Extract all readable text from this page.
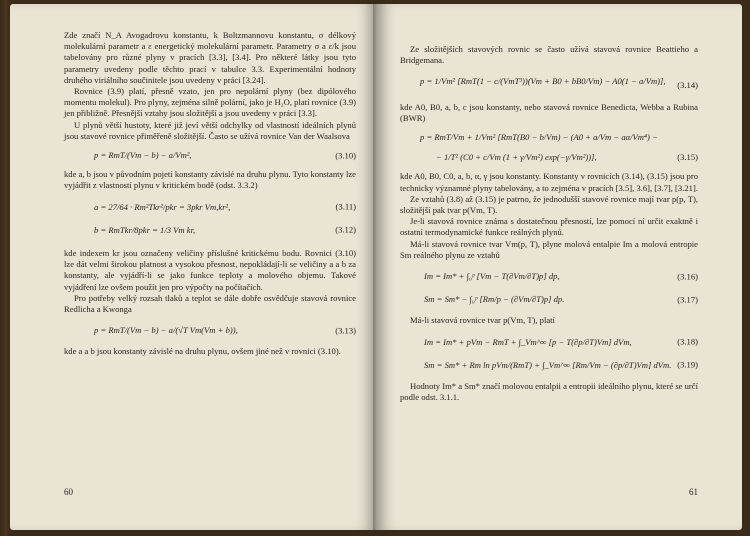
Zde značí N_A Avogadrovu konstantu, k Boltzmannovu konstantu, σ délkový molekulární parametr a ε energetický molekulární parametr. Parametry σ a ε/k jsou tabelovány pro různé plyny v pracích [3.3], [3.4]. Pro některé látky jsou tyto parametry uvedeny podle těchto prací v tabulce 3.3. Experimentální hodnoty druhého viriálního součinitele jsou uvedeny v práci [3.24].

Rovnice (3.9) platí, přesně vzato, jen pro nepolární plyny (bez dipólového momentu molekul). Pro plyny, zejména silně polární, jako je H₂O, platí rovnice (3.9) jen přibližně. Přesnější vztahy jsou složitější a jsou uvedeny v práci [3.3].

U plynů větší hustoty, které již jeví větší odchylky od vlastností ideálních plynů jsou stavové rovnice přiměřeně složitější. Často se užívá rovnice Van der Waalsova

p = RmT/(Vm − b) − a/Vm²,	(3.10)

kde a, b jsou v původním pojetí konstanty závislé na druhu plynu. Tyto konstanty lze vyjádřit z vlastností plynu v kritickém bodě (odst. 3.3.2)

a = 27/64 · Rm²Tkr²/pkr = 3pkr Vm,kr²,	(3.11)
b = RmTkr/8pkr = 1/3 Vm kr,	(3.12)

kde indexem kr jsou označeny veličiny příslušné kritickému bodu. Rovnici (3.10) lze dát velmi širokou platnost a vysokou přesnost, nepokládají-li se veličiny a a b za konstanty, ale vyjádří-li se jako funkce teploty a molového objemu. Takové vyjádření lze ovšem použít jen pro výpočty na počítačích.

Pro potřeby velký rozsah tlaků a teplot se dále dobře osvědčuje stavová rovnice Redlicha a Kwonga

p = RmT/(Vm − b) − a/(√T Vm(Vm + b)),	(3.13)

kde a a b jsou konstanty závislé na druhu plynu, ovšem jiné než v rovnici (3.10).

60

Ze složitějších stavových rovnic se často užívá stavová rovnice Beattieho a Bridgemana.

p = 1/Vm² [RmT(1 − c/(VmT³))(Vm + B0 + bB0/Vm) − A0(1 − a/Vm)], (3.14)

kde A0, B0, a, b, c jsou konstanty, nebo stavová rovnice Benedicta, Webba a Rubina (BWR)

p = RmT/Vm + 1/Vm² [RmT(B0 − b/Vm) − (A0 + a/Vm − aα/Vm⁴) −
− 1/T² (C0 + c/Vm (1 + γ/Vm²) exp(−γ/Vm²))],	(3.15)

kde A0, B0, C0, a, b, α, γ jsou konstanty. Konstanty v rovnicích (3.14), (3.15) jsou pro technicky významné plyny tabelovány, a to zejména v pracích [3.5], 3.6], [3.7], [3.21].

Ze vztahů (3.8) až (3.15) je patrno, že jednodušší stavové rovnice mají tvar p(p, T), složitější pak tvar p(Vm, T).

Je-li stavová rovnice známa s dostatečnou přesností, lze pomocí ní určit exaktně i ostatní termodynamické funkce reálných plynů.

Má-li stavová rovnice tvar Vm(p, T), plyne molová entalpie Im a molová entropie Sm reálného plynu ze vztahů

Im = Im* + ∫₀ᵖ [Vm − T(∂Vm/∂T)p] dp,	(3.16)
Sm = Sm* − ∫₀ᵖ [Rm/p − (∂Vm/∂T)p] dp.	(3.17)

Má-li stavová rovnice tvar p(Vm, T), platí

Im = Im* + pVm − RmT + ∫_Vm^∞ [p − T(∂p/∂T)Vm] dVm,	(3.18)
Sm = Sm* + Rm ln pVm/(RmT) + ∫_Vm^∞ [Rm/Vm − (∂p/∂T)Vm] dVm. (3.19)

Hodnoty Im* a Sm* značí molovou entalpii a entropii ideálního plynu, které se určí podle odst. 3.1.1.

61
